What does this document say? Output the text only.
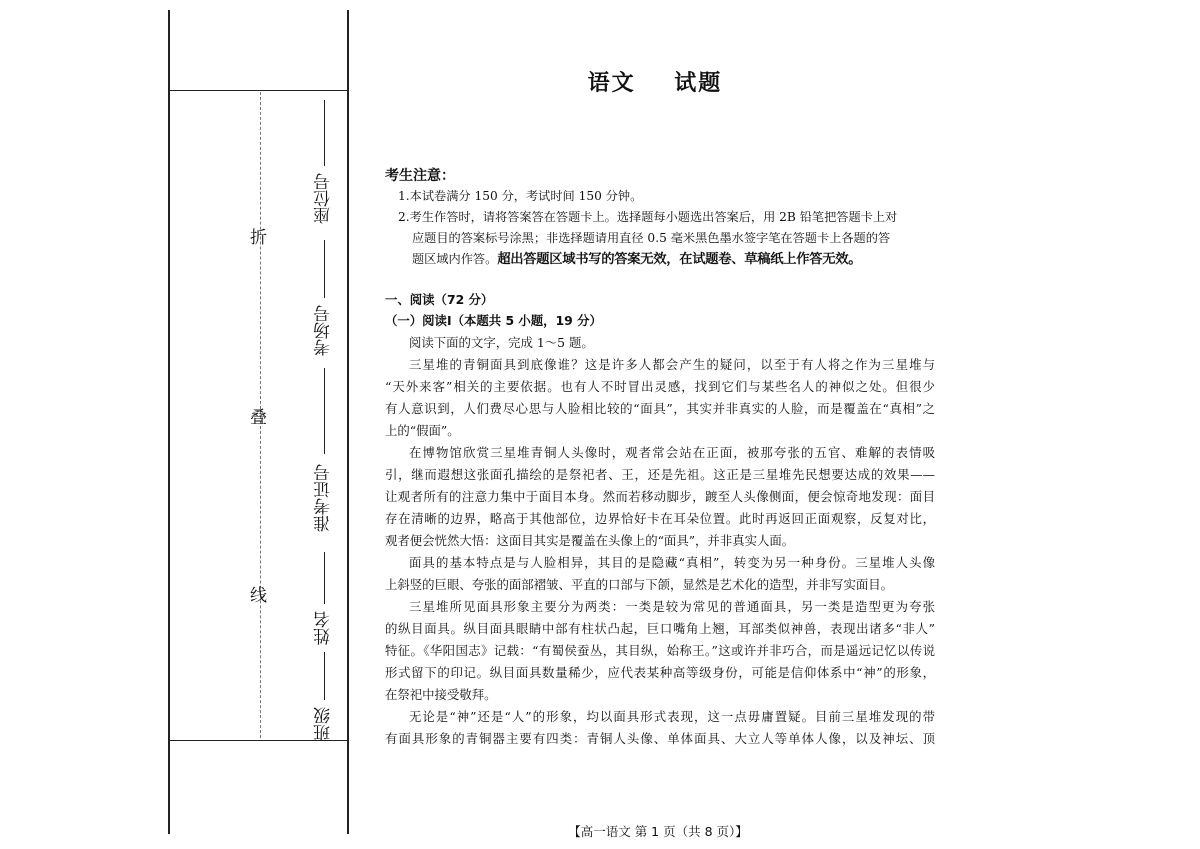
折
叠
线
座位号
考场号
准考证号
姓名
班级
语文    试题
考生注意：
1.本试卷满分 150 分，考试时间 150 分钟。
2.考生作答时，请将答案答在答题卡上。选择题每小题选出答案后，用 2B 铅笔把答题卡上对
应题目的答案标号涂黑；非选择题请用直径 0.5 毫米黑色墨水签字笔在答题卡上各题的答
题区域内作答。超出答题区域书写的答案无效，在试题卷、草稿纸上作答无效。
一、阅读（72 分）
（一）阅读Ⅰ（本题共 5 小题，19 分）
阅读下面的文字，完成 1～5 题。
三星堆的青铜面具到底像谁？这是许多人都会产生的疑问，以至于有人将之作为三星堆与
“天外来客”相关的主要依据。也有人不时冒出灵感，找到它们与某些名人的神似之处。但很少
有人意识到，人们费尽心思与人脸相比较的“面具”，其实并非真实的人脸，而是覆盖在“真相”之
上的“假面”。
在博物馆欣赏三星堆青铜人头像时，观者常会站在正面，被那夸张的五官、难解的表情吸
引，继而遐想这张面孔描绘的是祭祀者、王，还是先祖。这正是三星堆先民想要达成的效果——
让观者所有的注意力集中于面目本身。然而若移动脚步，踱至人头像侧面，便会惊奇地发现：面目
存在清晰的边界，略高于其他部位，边界恰好卡在耳朵位置。此时再返回正面观察，反复对比，
观者便会恍然大悟：这面目其实是覆盖在头像上的“面具”，并非真实人面。
面具的基本特点是与人脸相异，其目的是隐藏“真相”，转变为另一种身份。三星堆人头像
上斜竖的巨眼、夸张的面部褶皱、平直的口部与下颌，显然是艺术化的造型，并非写实面目。
三星堆所见面具形象主要分为两类：一类是较为常见的普通面具，另一类是造型更为夸张
的纵目面具。纵目面具眼睛中部有柱状凸起，巨口嘴角上翘，耳部类似神兽，表现出诸多“非人”
特征。《华阳国志》记载：“有蜀侯蚕丛，其目纵，始称王。”这或许并非巧合，而是遥远记忆以传说
形式留下的印记。纵目面具数量稀少，应代表某种高等级身份，可能是信仰体系中“神”的形象，
在祭祀中接受敬拜。
无论是“神”还是“人”的形象，均以面具形式表现，这一点毋庸置疑。目前三星堆发现的带
有面具形象的青铜器主要有四类：青铜人头像、单体面具、大立人等单体人像，以及神坛、顶
【高一语文 第 1 页（共 8 页）】
